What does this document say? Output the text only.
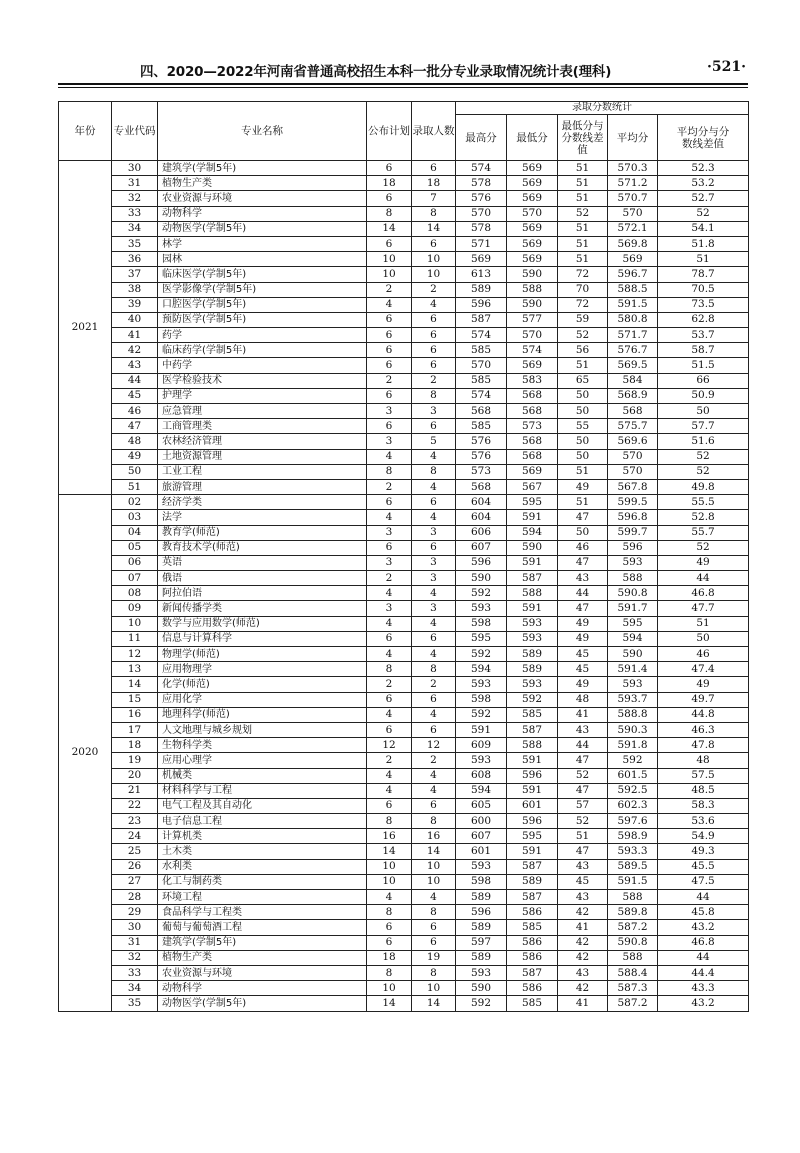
四、2020—2022年河南省普通高校招生本科一批分专业录取情况统计表(理科)	·521·
年份	专业代码	专业名称	公布计划	录取人数	录取分数统计				
					最高分	最低分	最低分与分数线差值	平均分	平均分与分数线差值
2021	30	建筑学(学制5年)	6	6	574	569	51	570.3	52.3
	31	植物生产类	18	18	578	569	51	571.2	53.2
	32	农业资源与环境	6	7	576	569	51	570.7	52.7
	33	动物科学	8	8	570	570	52	570	52
	34	动物医学(学制5年)	14	14	578	569	51	572.1	54.1
	35	林学	6	6	571	569	51	569.8	51.8
	36	园林	10	10	569	569	51	569	51
	37	临床医学(学制5年)	10	10	613	590	72	596.7	78.7
	38	医学影像学(学制5年)	2	2	589	588	70	588.5	70.5
	39	口腔医学(学制5年)	4	4	596	590	72	591.5	73.5
	40	预防医学(学制5年)	6	6	587	577	59	580.8	62.8
	41	药学	6	6	574	570	52	571.7	53.7
	42	临床药学(学制5年)	6	6	585	574	56	576.7	58.7
	43	中药学	6	6	570	569	51	569.5	51.5
	44	医学检验技术	2	2	585	583	65	584	66
	45	护理学	6	8	574	568	50	568.9	50.9
	46	应急管理	3	3	568	568	50	568	50
	47	工商管理类	6	6	585	573	55	575.7	57.7
	48	农林经济管理	3	5	576	568	50	569.6	51.6
	49	土地资源管理	4	4	576	568	50	570	52
	50	工业工程	8	8	573	569	51	570	52
	51	旅游管理	2	4	568	567	49	567.8	49.8
2020	02	经济学类	6	6	604	595	51	599.5	55.5
	03	法学	4	4	604	591	47	596.8	52.8
	04	教育学(师范)	3	3	606	594	50	599.7	55.7
	05	教育技术学(师范)	6	6	607	590	46	596	52
	06	英语	3	3	596	591	47	593	49
	07	俄语	2	3	590	587	43	588	44
	08	阿拉伯语	4	4	592	588	44	590.8	46.8
	09	新闻传播学类	3	3	593	591	47	591.7	47.7
	10	数学与应用数学(师范)	4	4	598	593	49	595	51
	11	信息与计算科学	6	6	595	593	49	594	50
	12	物理学(师范)	4	4	592	589	45	590	46
	13	应用物理学	8	8	594	589	45	591.4	47.4
	14	化学(师范)	2	2	593	593	49	593	49
	15	应用化学	6	6	598	592	48	593.7	49.7
	16	地理科学(师范)	4	4	592	585	41	588.8	44.8
	17	人文地理与城乡规划	6	6	591	587	43	590.3	46.3
	18	生物科学类	12	12	609	588	44	591.8	47.8
	19	应用心理学	2	2	593	591	47	592	48
	20	机械类	4	4	608	596	52	601.5	57.5
	21	材料科学与工程	4	4	594	591	47	592.5	48.5
	22	电气工程及其自动化	6	6	605	601	57	602.3	58.3
	23	电子信息工程	8	8	600	596	52	597.6	53.6
	24	计算机类	16	16	607	595	51	598.9	54.9
	25	土木类	14	14	601	591	47	593.3	49.3
	26	水利类	10	10	593	587	43	589.5	45.5
	27	化工与制药类	10	10	598	589	45	591.5	47.5
	28	环境工程	4	4	589	587	43	588	44
	29	食品科学与工程类	8	8	596	586	42	589.8	45.8
	30	葡萄与葡萄酒工程	6	6	589	585	41	587.2	43.2
	31	建筑学(学制5年)	6	6	597	586	42	590.8	46.8
	32	植物生产类	18	19	589	586	42	588	44
	33	农业资源与环境	8	8	593	587	43	588.4	44.4
	34	动物科学	10	10	590	586	42	587.3	43.3
	35	动物医学(学制5年)	14	14	592	585	41	587.2	43.2
